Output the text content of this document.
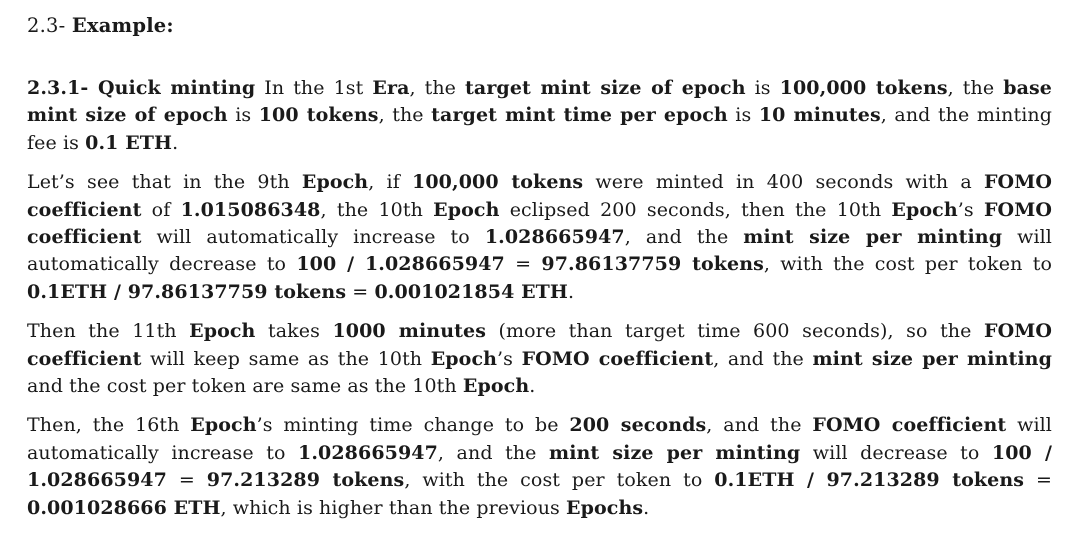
2.3- Example:

2.3.1- Quick minting In the 1st Era, the target mint size of epoch is 100,000 tokens, the base mint size of epoch is 100 tokens, the target mint time per epoch is 10 minutes, and the minting fee is 0.1 ETH.

Let’s see that in the 9th Epoch, if 100,000 tokens were minted in 400 seconds with a FOMO coefficient of 1.015086348, the 10th Epoch eclipsed 200 seconds, then the 10th Epoch’s FOMO coefficient will automatically increase to 1.028665947, and the mint size per minting will automatically decrease to 100 / 1.028665947 = 97.86137759 tokens, with the cost per token to 0.1ETH / 97.86137759 tokens = 0.001021854 ETH.

Then the 11th Epoch takes 1000 minutes (more than target time 600 seconds), so the FOMO coefficient will keep same as the 10th Epoch’s FOMO coefficient, and the mint size per minting and the cost per token are same as the 10th Epoch.

Then, the 16th Epoch’s minting time change to be 200 seconds, and the FOMO coefficient will automatically increase to 1.028665947, and the mint size per minting will decrease to 100 / 1.028665947 = 97.213289 tokens, with the cost per token to 0.1ETH / 97.213289 tokens = 0.001028666 ETH, which is higher than the previous Epochs.
